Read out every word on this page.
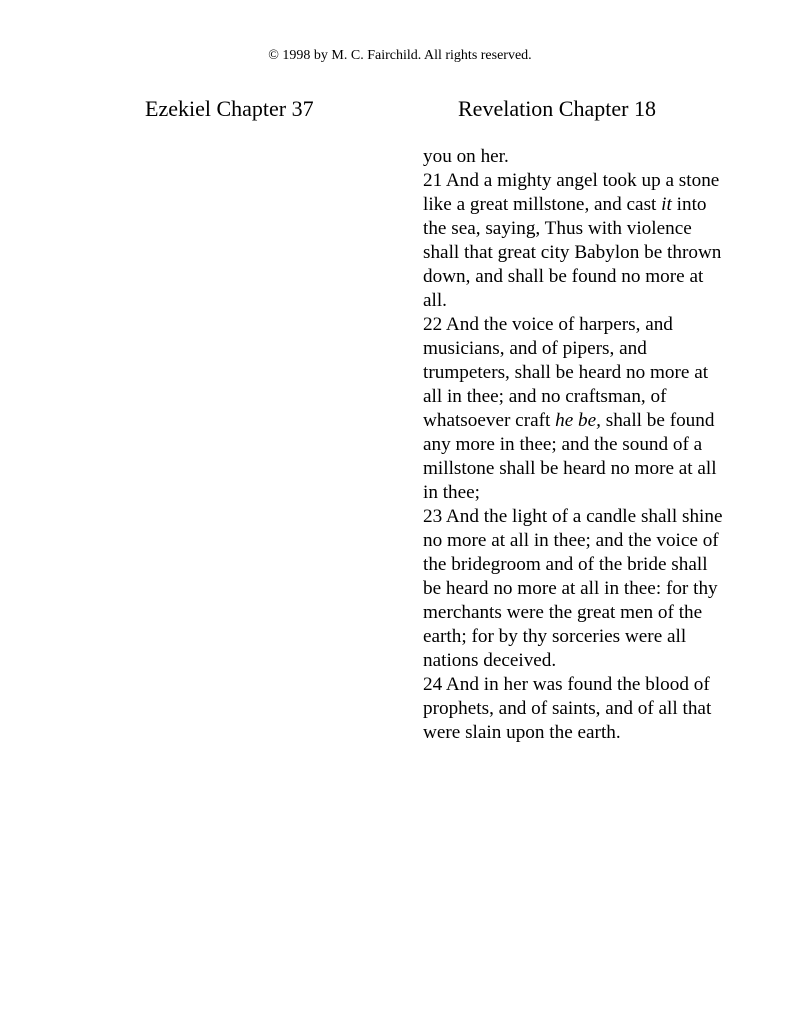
© 1998 by M. C. Fairchild. All rights reserved.
Ezekiel Chapter 37	Revelation Chapter 18

you on her.

21 And a mighty angel took up a stone like a great millstone, and cast it into the sea, saying, Thus with violence shall that great city Babylon be thrown down, and shall be found no more at all.

22 And the voice of harpers, and musicians, and of pipers, and trumpeters, shall be heard no more at all in thee; and no craftsman, of whatsoever craft he be, shall be found any more in thee; and the sound of a millstone shall be heard no more at all in thee;

23 And the light of a candle shall shine no more at all in thee; and the voice of the bridegroom and of the bride shall be heard no more at all in thee: for thy merchants were the great men of the earth; for by thy sorceries were all nations deceived.

24 And in her was found the blood of prophets, and of saints, and of all that were slain upon the earth.
